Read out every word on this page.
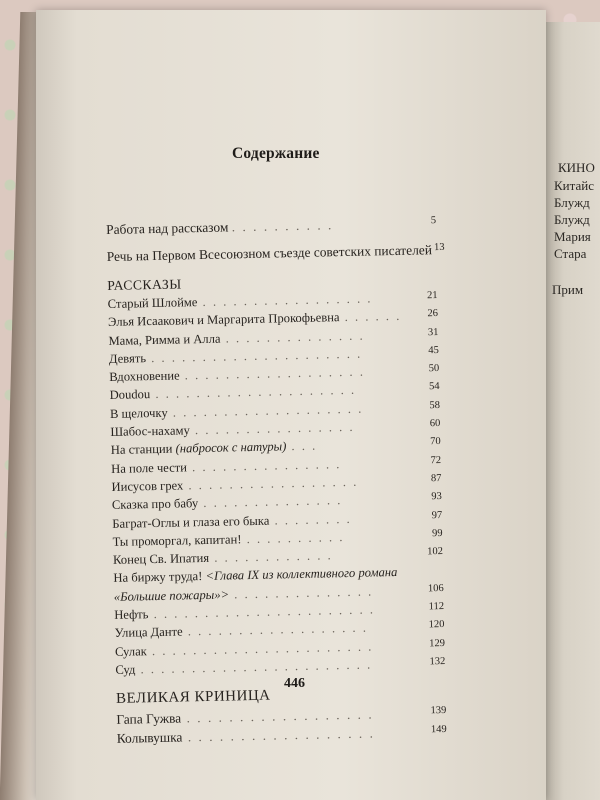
КИНО
Китайс
Блужд
Блужд
Мария
Стара
Прим
Содержание
Работа над рассказом . . . . . . . . . .	5
Речь на Первом Всесоюзном съезде советских писателей 13
РАССКАЗЫ
Старый Шлойме . . . . . . . . . . . . . . . . .	21
Элья Исаакович и Маргарита Прокофьевна . . . . . . 26
Мама, Римма и Алла . . . . . . . . . . . . . .	31
Девять . . . . . . . . . . . . . . . . . . . . .	45
Вдохновение . . . . . . . . . . . . . . . . . .	50
Doudou . . . . . . . . . . . . . . . . . . . .	54
В щелочку . . . . . . . . . . . . . . . . . . .	58
Шабос-нахаму . . . . . . . . . . . . . . . .	60
На станции (набросок с натуры) . . .	70
На поле чести . . . . . . . . . . . . . . .	72
Иисусов грех . . . . . . . . . . . . . . . . .	87
Сказка про бабу . . . . . . . . . . . . . .	93
Баграт-Оглы и глаза его быка . . . . . . . .	97
Ты проморгал, капитан! . . . . . . . . . .	99
Конец Св. Ипатия . . . . . . . . . . . .	102
На биржу труда! <Глава IX из коллективного романа
«Большие пожары»> . . . . . . . . . . . . . .	106
Нефть . . . . . . . . . . . . . . . . . . . . . .	112
Улица Данте . . . . . . . . . . . . . . . . . .	120
Сулак . . . . . . . . . . . . . . . . . . . . . .	129
Суд . . . . . . . . . . . . . . . . . . . . . . .	132
ВЕЛИКАЯ КРИНИЦА
Гапа Гужва . . . . . . . . . . . . . . . . . .	139
Колывушка . . . . . . . . . . . . . . . . . .	149
446
